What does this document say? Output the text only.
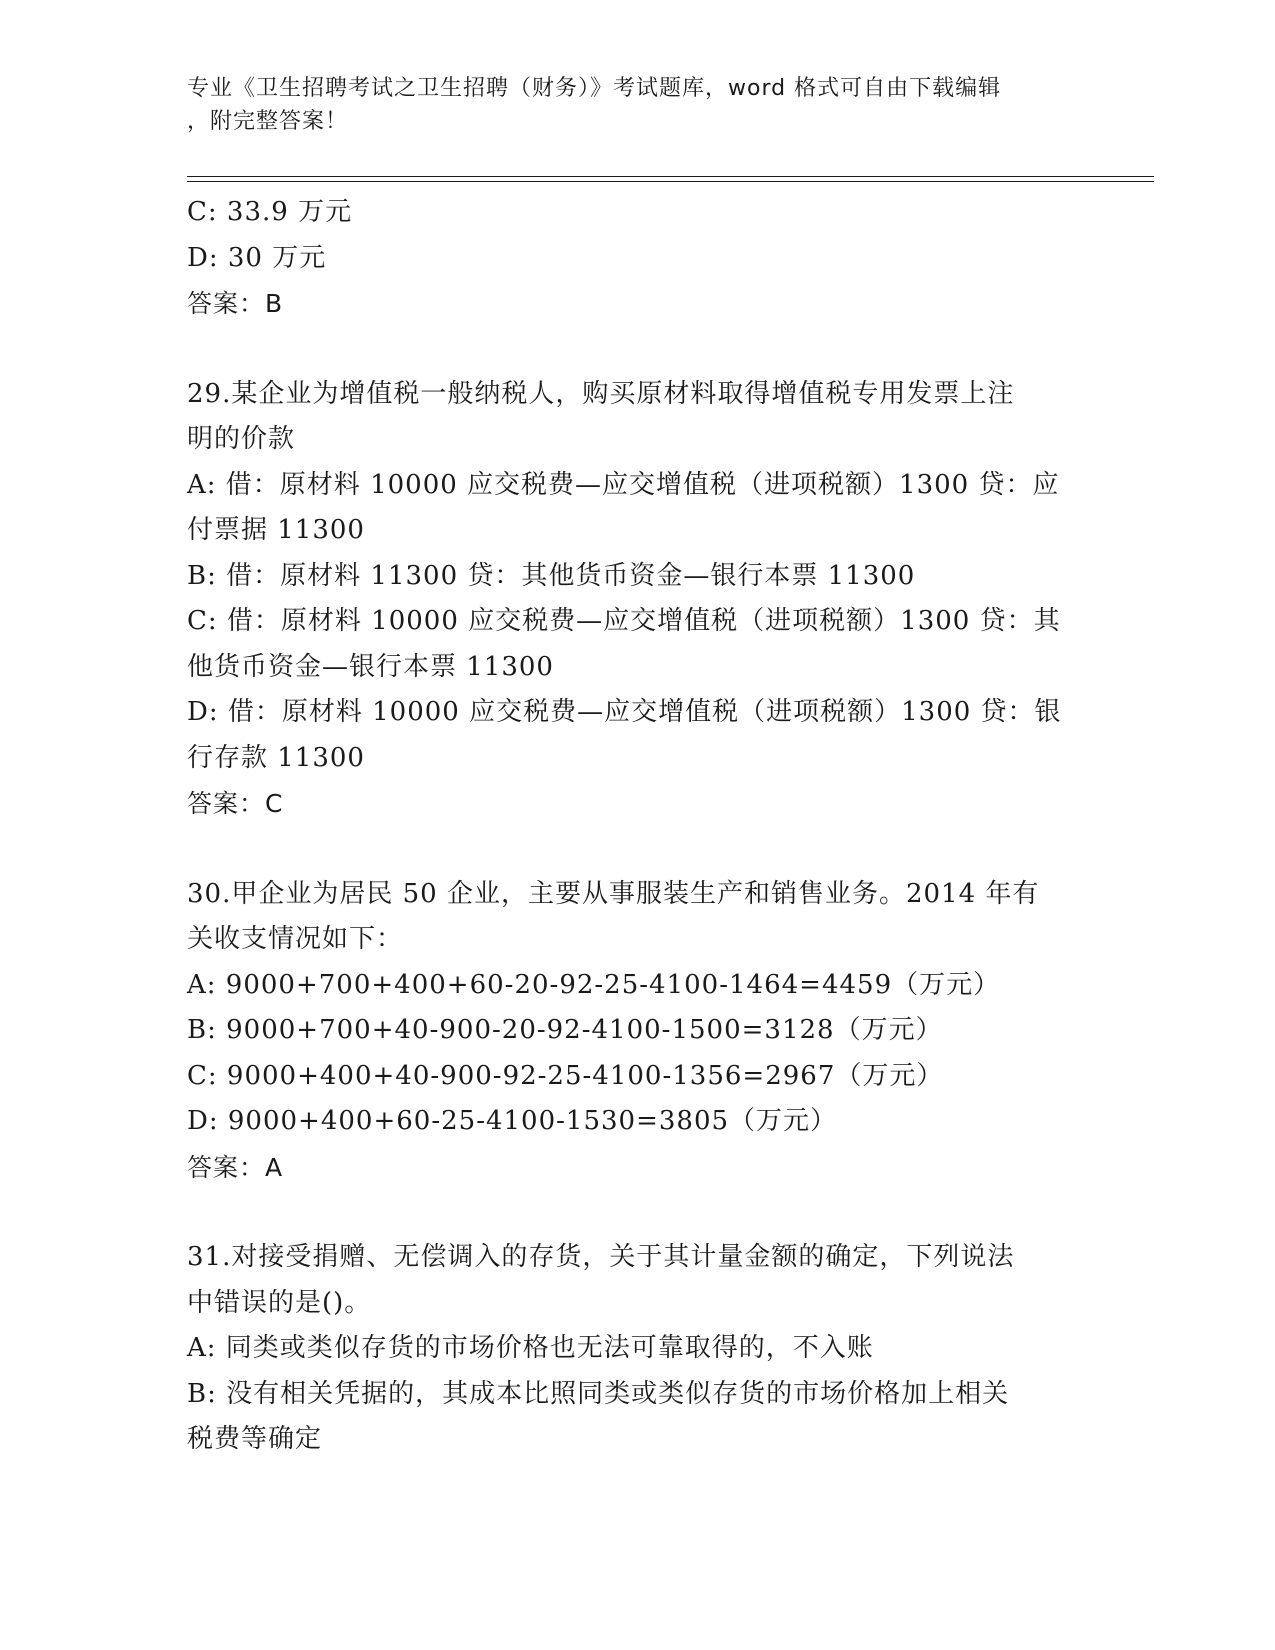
专业《卫生招聘考试之卫生招聘（财务）》考试题库，word 格式可自由下载编辑
，附完整答案！
C: 33.9 万元
D: 30 万元
答案：B
29.某企业为增值税一般纳税人，购买原材料取得增值税专用发票上注
明的价款
A: 借：原材料 10000 应交税费—应交增值税（进项税额）1300 贷：应
付票据 11300
B: 借：原材料 11300 贷：其他货币资金—银行本票 11300
C: 借：原材料 10000 应交税费—应交增值税（进项税额）1300 贷：其
他货币资金—银行本票 11300
D: 借：原材料 10000 应交税费—应交增值税（进项税额）1300 贷：银
行存款 11300
答案：C
30.甲企业为居民 50 企业，主要从事服装生产和销售业务。2014 年有
关收支情况如下：
A: 9000+700+400+60-20-92-25-4100-1464=4459（万元）
B: 9000+700+40-900-20-92-4100-1500=3128（万元）
C: 9000+400+40-900-92-25-4100-1356=2967（万元）
D: 9000+400+60-25-4100-1530=3805（万元）
答案：A
31.对接受捐赠、无偿调入的存货，关于其计量金额的确定，下列说法
中错误的是()。
A: 同类或类似存货的市场价格也无法可靠取得的，不入账
B: 没有相关凭据的，其成本比照同类或类似存货的市场价格加上相关
税费等确定
